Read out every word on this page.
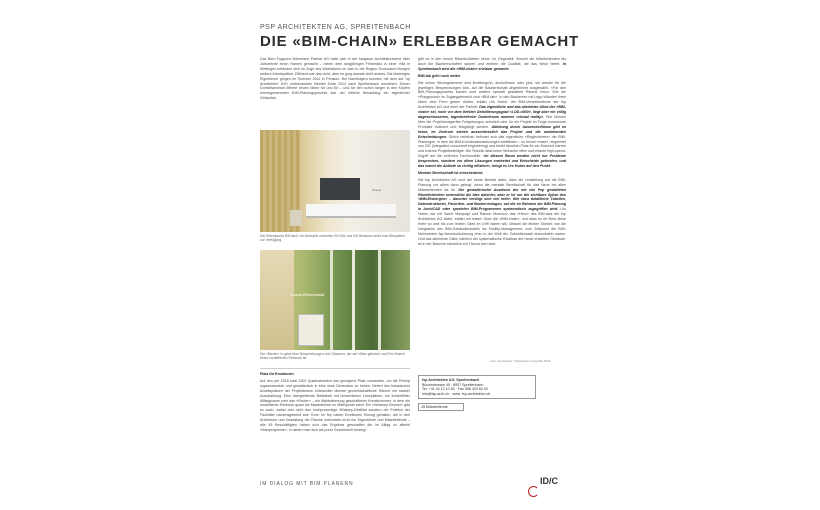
PSP ARCHITEKTEN AG, SPREITENBACH
DIE «BIM-CHAIN» ERLEBBAR GEMACHT

Das Büro Fugazza Steinmann Partner AG hatte sich in der Aargauer Architekturszene über Jahrzehnte einen Namen gemacht – neben dem langjährigen Firmensitz in einer Villa in Wettingen befanden sich im Zuge des Wachstums im Jahr in der Region Grossraum-Nungen weitere Arbeitsplätze. Effizient war das nicht, aber es ging damals nicht anders. Die bisherigen Eigentümer gingen im Sommer 2011 in Pension. Bei Nachfolgern konnten mit dem auf "sp Architekten" AG» umbenannten Betrieb Ende 2014 nach Spreitenbach umziehen. Dieser Domizilwechsel öffnete neuen Ideen für und für – und für den schon länger in den Köpfen herumgeisternden BIM-Planungsprozess war der örtliche Neuanfang ein eigentlicher Glücksfall.

Düsser
Der Brennpunkt 500-fach: Im Wohnpilz zwischen EH-Sitz und KB-Sessions steht zum Beispielen zur Verfügung.
Fauna Birkenwald
Die «Bavier» in gänz über Besprechungen und Glasauer, der auf Vidéo geboten und Ein Himmel eines modellierten Rehbock ist.

Platz für Emotionen

Auf den per 2016 total 1400 Quadratmetern war genügend Platz vorhanden, um die Prinzip organisatorisch und gestalterisch in eine neue Dimension zu heben. Neben den klassischen Arbeitsplätzen der Projektteams entstanden diverse gemeinschaftliche Räume mit starker Ausstrahlung: Eine übergreifende Bibliothek mit hinsetzlichen Leseplätzen, ein lichterfüllter Mittagsraum oder das «Revier» – ein Waldstimmung geschaffenes Kreativzimmer, in dem ein modellierter Rehbock quasi als Maskottchen im Mittelpunkt steht. Ein «Whiskey-Zimmer» gibt es auch, wobei dort nicht das hochprozentige Whiskey-Destillat sondern der Farbton der Fachlitter namensgebend war. Kurz: Im fsp haben Emotionen Einzug gehalten, die in den Architektur und Gestaltung der Räume unterwärts nicht nur Eigentümer und Mitarbeitende – alle 45 Beschäftigten haben sich das Ergebnis geschaffen die im Alltag zu allerlei «Kampuspleine», in denen man sich als purer Gewohnheit bewegt.

gibt es in den neuen Räumlichkeiten keine. Im Gegenteil: Sowohl die Mitarbeitenden als auch die Bauherrschaften spüren und erleben die Qualität, die das Neue bietet. In Spreitenbach wird die «BIM-chain» erlebbar gemacht.

BIM-lab geht noch weiter

Die neuen Sitzungszimmer sind limettengrün, dunkelbraun oder pink, sie werden für die jeweiligen Besprechungen bzw. auf die Bauherrschaft abgestimmt ausgewählt. «Für den BIM-Planungsprozess kamen zord weitere speziell gestaltete Räume hinzu: Wie die «Playground» im Zugangsbereich zum «BIM-lab». In den Bauherren mit Lego-Wänden ihren Ideen eine Form geben dürfen, erklärt Urs Huber, der BIM-Verantwortliche der fsp Architekten AG und einer der Partner. Das eigentliche und das allerletzte Glied der «BIM-chain» sei, noch vor dem tiefsten Detaillierungsgrad «LOD-n000», liegt aber ein völlig abgeschlossenes, tageslichtfreier Dunkelraum namens «virtual reality». Hier können über die Projektionsgeräte Fortgebungen simuliert oder für ein Projekt im Folge kommende Produkte evaluiert und festgelegt werden. Ableitung durch Ausseneinflüsse gibt es keine, im Zentrum stehen ausschliesslich das Projekt und die anstehenden Entscheidungen. Gleich nebenan befindet sich das eigentliche «Reglezimmer» der BIM-Planungen, in dem die BIM-Koordinationssitzungen stattfinden – so heisst «nase», abgeleitet von ICE (integrated concurrent engineering) und bietet räumlich Platz für ein Dutzend interne und externe Projektbeteiligte. Die Technik lässt keine Wünsche offen und erlaubt high-speed-Zugriff auf die externen Fachmodelle. «In diesem Raum werden nicht nur Probleme besprochen, sondern vor allem Lösungen erarbeitet und Entscheide gefunden, und das macht die Abläufe so richtig effizient», bringt es Urs Huber auf den Punkt.

Mentale Bereitschaft ist entscheidend

Die fsp Architekten AG sind der beste Beweis dafür, dass die Umstellung auf die BIM-Planung vor allem dann gelingt, wenn die mentale Bereitschaft für das Neue bei allen Mitarbeitenden da ist. Der gestalterische Ausdruck der mit viel Pep gestalteten Räumlichkeiten unterstützt die Idee dahinter, aber er ist nur die sichtbare Spitze des «BIM-Eisbergen» – darunter verbirgt sich viel mehr: Wie etwa detaillierte Tabellen, Datenstrukturen, Favoriten- und Bauherrenlagen, auf die im Rahmen der BIM-Planung in ArchiCAD oder spezielen BIM-Programmen systematisch zugegriffen wird. Urs Huber, der mit Samir Marquaja und Ramun Monnozz das «Herz» des BIM-labs der fsp Architekten AG bildet, erklärt mit leisem Stolz die «BIM-chain», und dass es ihr Büro diese Kette so weit bis zum letzten Glied im Griff haben will. Obwohl die letzten Glieder, wie die Integration des BIM-Gebäudemodells ins Facility-Management, zum Zeitpunkt der BIM-Mehrwerten fsp-Neustrukturierung eher in der Welt der Zukunftsmusik anzusiedeln waren. Und das allerletzte Glied, nämlich der systematische Rückbau der heute erstellten Gebäude, ist in der Branche sicherlich ein Thema sein wird.

Foto: fsp-Kaspar | Tatistische Fotografie 2016
fsp Architekten AG, Spreitenbach
Bünzerstrasse 45 · 8957 Spreitenbach
Tel. +41 44 12 10 60 · Fax 056 429 60 00
info@fsp-arch.ch · www. fsp-architekten.ch
45 Mitarbeitende
IM DIALOG MIT BIM PLANERN	ID/C
